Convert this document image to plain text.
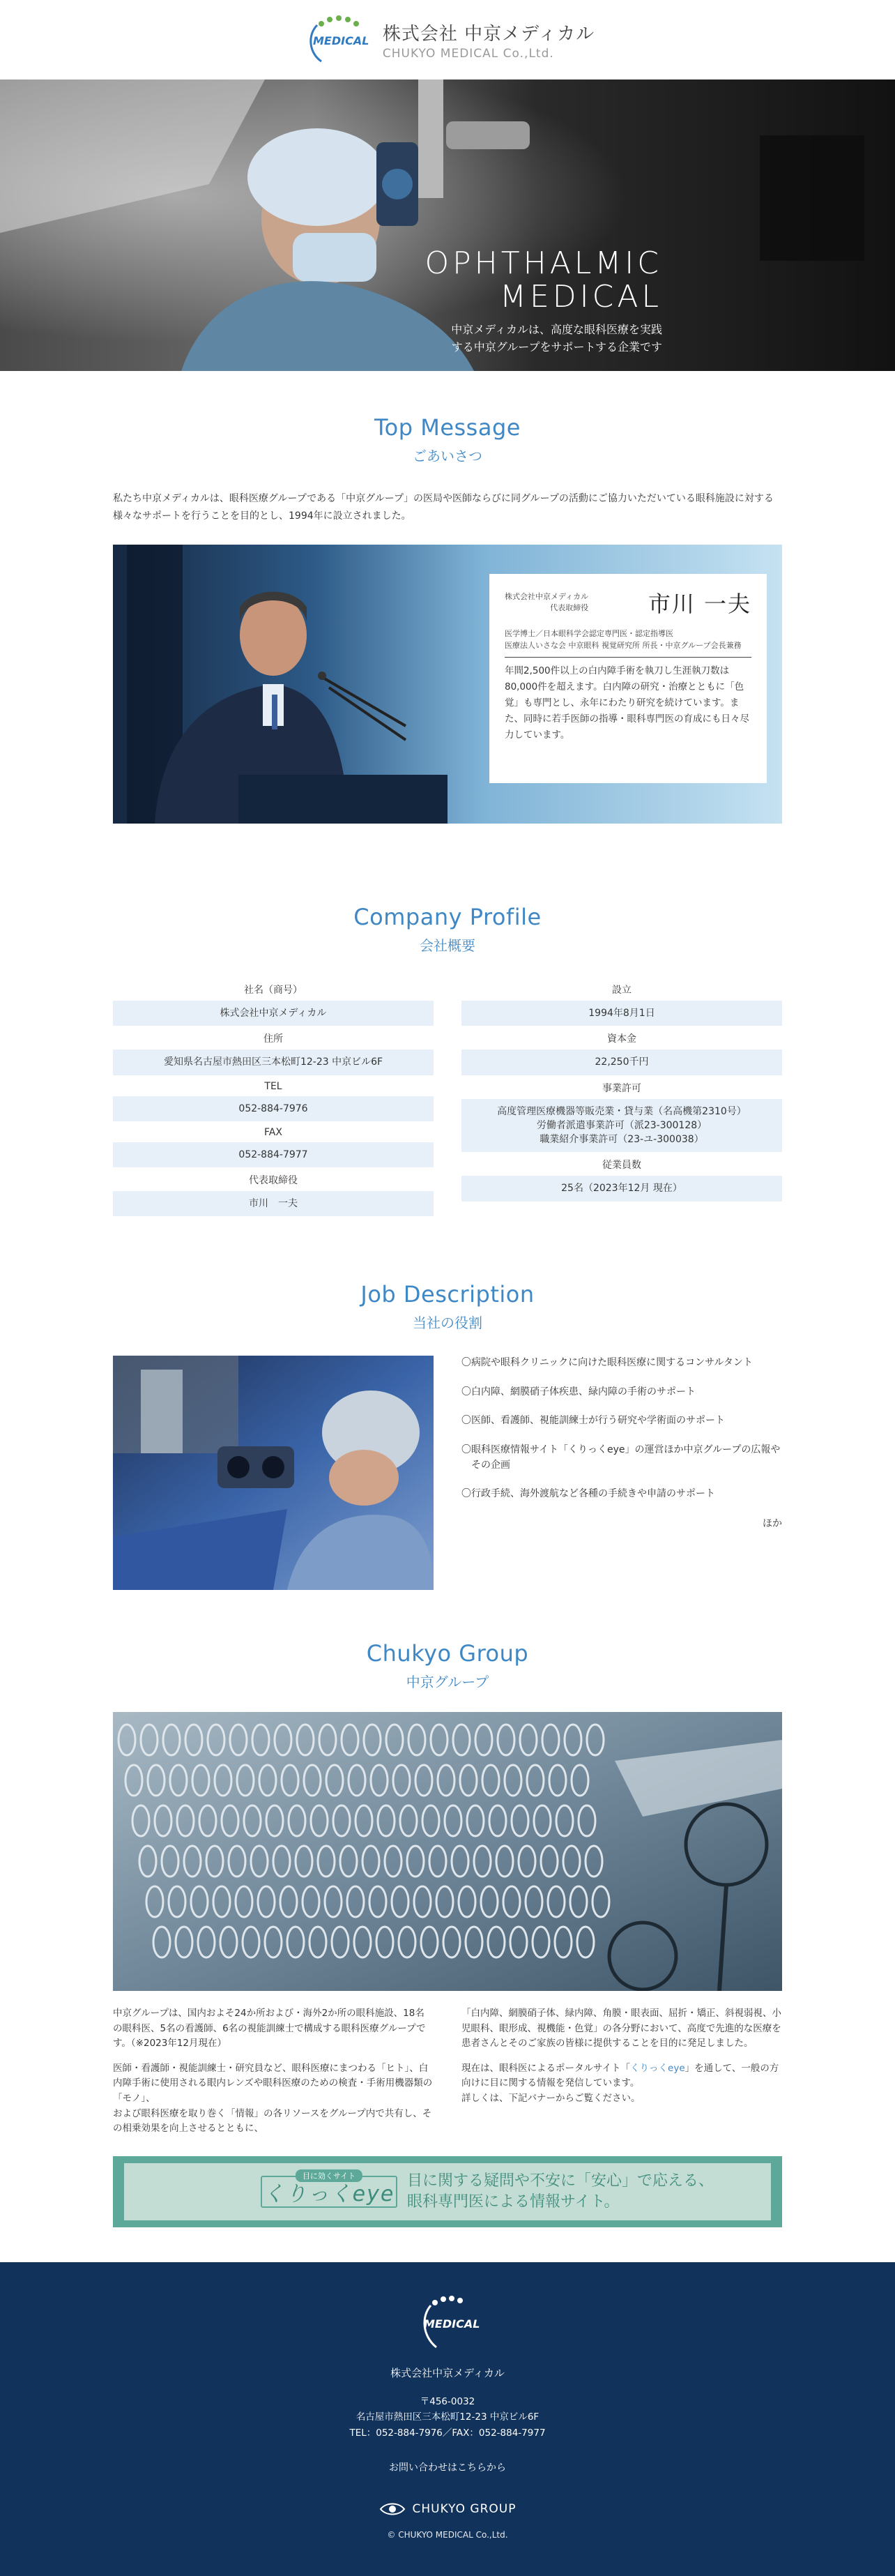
MEDICAL 株式会社 中京メディカル
CHUKYO MEDICAL Co.,Ltd.
OPHTHALMIC
MEDICAL
中京メディカルは、高度な眼科医療を実践
する中京グループをサポートする企業です
Top Message
ごあいさつ

私たち中京メディカルは、眼科医療グループである「中京グループ」の医局や医師ならびに同グループの活動にご協力いただいている眼科施設に対する様々なサポートを行うことを目的とし、1994年に設立されました。

株式会社中京メディカル
代表取締役	市川 一夫
医学博士／日本眼科学会認定専門医・認定指導医
医療法人いさな会 中京眼科 視覚研究所 所長・中京グループ会長兼務
年間2,500件以上の白内障手術を執刀し生涯執刀数は80,000件を超えます。白内障の研究・治療とともに「色覚」も専門とし、永年にわたり研究を続けています。また、同時に若手医師の指導・眼科専門医の育成にも日々尽力しています。
Company Profile
会社概要
社名（商号）
株式会社中京メディカル
住所
愛知県名古屋市熱田区三本松町12-23 中京ビル6F
TEL
052-884-7976
FAX
052-884-7977
代表取締役
市川　一夫
設立
1994年8月1日
資本金
22,250千円
事業許可
高度管理医療機器等販売業・貸与業（名高機第2310号）
労働者派遣事業許可（派23-300128）
職業紹介事業許可（23-ユ-300038）
従業員数
25名（2023年12月 現在）
Job Description
当社の役割
〇病院や眼科クリニックに向けた眼科医療に関するコンサルタント
〇白内障、網膜硝子体疾患、緑内障の手術のサポート
〇医師、看護師、視能訓練士が行う研究や学術面のサポート
〇眼科医療情報サイト「くりっくeye」の運営ほか中京グループの広報や その企画
〇行政手続、海外渡航など各種の手続きや申請のサポート
ほか
Chukyo Group
中京グループ

中京グループは、国内およそ24か所および・海外2か所の眼科施設、18名の眼科医、5名の看護師、6名の視能訓練士で構成する眼科医療グループです。（※2023年12月現在）

医師・看護師・視能訓練士・研究員など、眼科医療にまつわる「ヒト」、白内障手術に使用される眼内レンズや眼科医療のための検査・手術用機器類の「モノ」、
および眼科医療を取り巻く「情報」の各リソースをグループ内で共有し、その相乗効果を向上させるとともに、

「白内障、網膜硝子体、緑内障、角膜・眼表面、屈折・矯正、斜視弱視、小児眼科、眼形成、視機能・色覚」の各分野において、高度で先進的な医療を患者さんとそのご家族の皆様に提供することを目的に発足しました。

現在は、眼科医によるポータルサイト「くりっくeye」を通して、一般の方向けに目に関する情報を発信しています。
詳しくは、下記バナーからご覧ください。

目に効くサイト
くりっくeye
目に関する疑問や不安に「安心」で応える、
眼科専門医による情報サイト。
MEDICAL
株式会社中京メディカル
〒456-0032
名古屋市熱田区三本松町12-23 中京ビル6F
TEL：052-884-7976／FAX：052-884-7977
お問い合わせはこちらから
CHUKYO GROUP
© CHUKYO MEDICAL Co.,Ltd.
